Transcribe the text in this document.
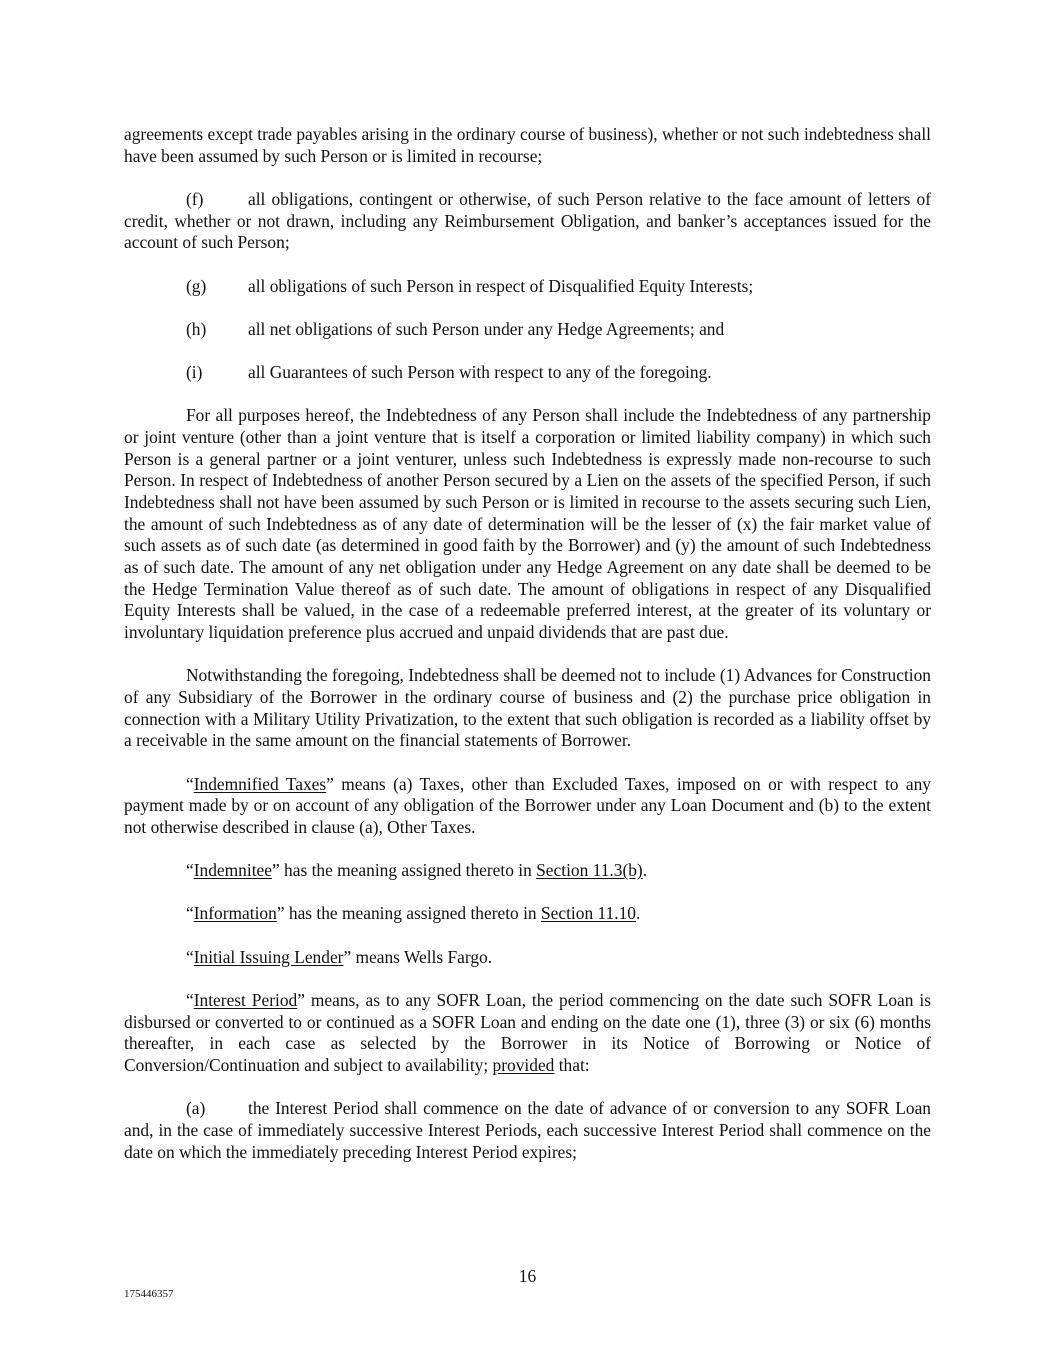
agreements except trade payables arising in the ordinary course of business), whether or not such indebtedness shall have been assumed by such Person or is limited in recourse;

(f)	all obligations, contingent or otherwise, of such Person relative to the face amount of letters of credit, whether or not drawn, including any Reimbursement Obligation, and banker’s acceptances issued for the account of such Person;

(g) all obligations of such Person in respect of Disqualified Equity Interests;

(h) all net obligations of such Person under any Hedge Agreements; and

(i)	all Guarantees of such Person with respect to any of the foregoing.

For all purposes hereof, the Indebtedness of any Person shall include the Indebtedness of any partnership or joint venture (other than a joint venture that is itself a corporation or limited liability company) in which such Person is a general partner or a joint venturer, unless such Indebtedness is expressly made non-recourse to such Person. In respect of Indebtedness of another Person secured by a Lien on the assets of the specified Person, if such Indebtedness shall not have been assumed by such Person or is limited in recourse to the assets securing such Lien, the amount of such Indebtedness as of any date of determination will be the lesser of (x) the fair market value of such assets as of such date (as determined in good faith by the Borrower) and (y) the amount of such Indebtedness as of such date. The amount of any net obligation under any Hedge Agreement on any date shall be deemed to be the Hedge Termination Value thereof as of such date. The amount of obligations in respect of any Disqualified Equity Interests shall be valued, in the case of a redeemable preferred interest, at the greater of its voluntary or involuntary liquidation preference plus accrued and unpaid dividends that are past due.

Notwithstanding the foregoing, Indebtedness shall be deemed not to include (1) Advances for Construction of any Subsidiary of the Borrower in the ordinary course of business and (2) the purchase price obligation in connection with a Military Utility Privatization, to the extent that such obligation is recorded as a liability offset by a receivable in the same amount on the financial statements of Borrower.

“Indemnified Taxes” means (a) Taxes, other than Excluded Taxes, imposed on or with respect to any payment made by or on account of any obligation of the Borrower under any Loan Document and (b) to the extent not otherwise described in clause (a), Other Taxes.

“Indemnitee” has the meaning assigned thereto in Section 11.3(b).

“Information” has the meaning assigned thereto in Section 11.10.

“Initial Issuing Lender” means Wells Fargo.

“Interest Period” means, as to any SOFR Loan, the period commencing on the date such SOFR Loan is disbursed or converted to or continued as a SOFR Loan and ending on the date one (1), three (3) or six (6) months thereafter, in each case as selected by the Borrower in its Notice of Borrowing or Notice of Conversion/Continuation and subject to availability; provided that:

(a) the Interest Period shall commence on the date of advance of or conversion to any SOFR Loan and, in the case of immediately successive Interest Periods, each successive Interest Period shall commence on the date on which the immediately preceding Interest Period expires;

16
175446357
